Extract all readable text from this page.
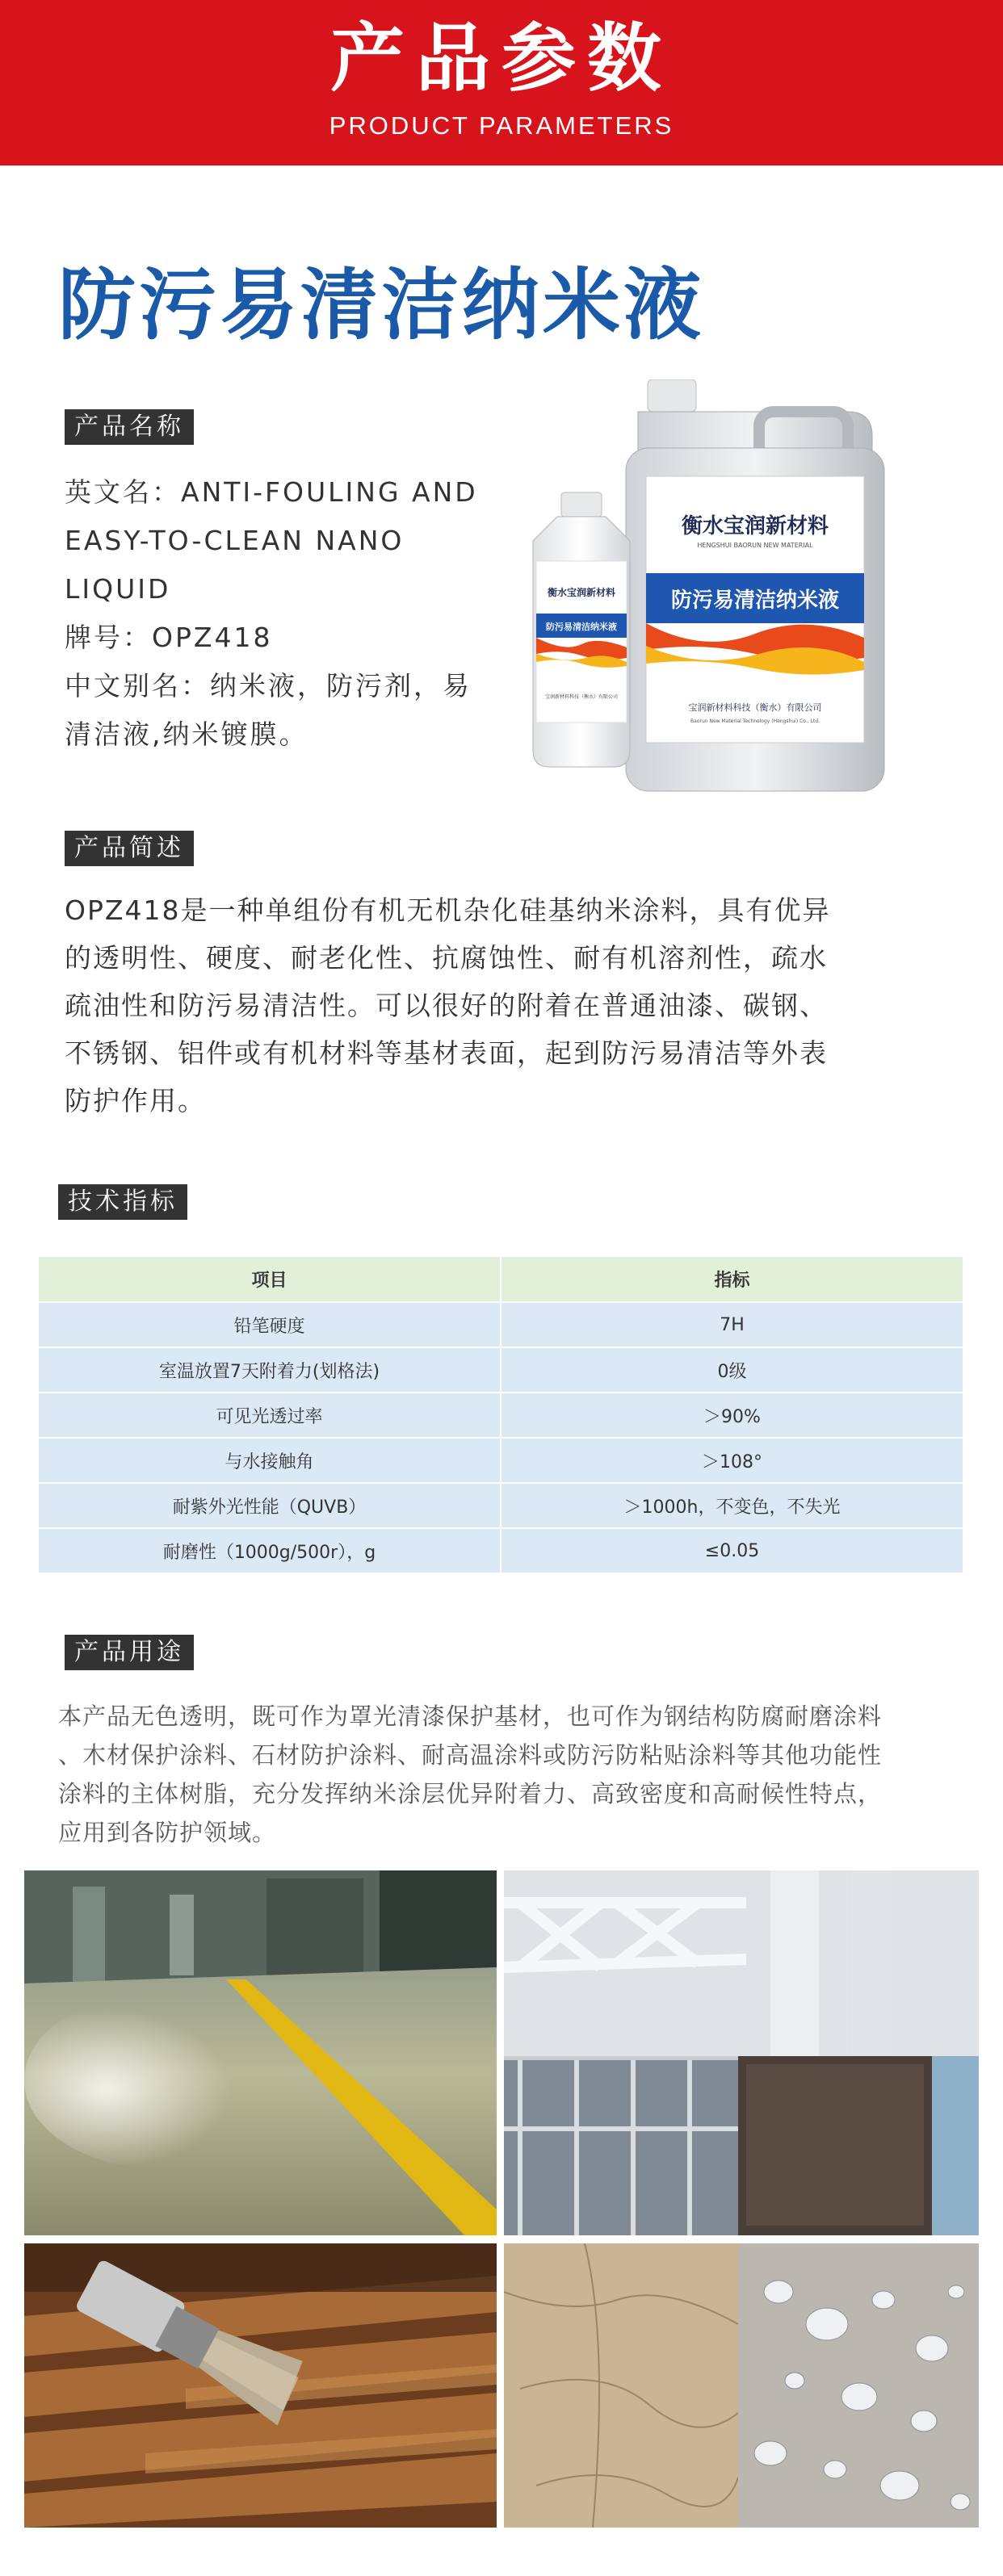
产品参数
PRODUCT PARAMETERS
防污易清洁纳米液
产品名称
英文名：ANTI-FOULING AND
EASY-TO-CLEAN NANO
LIQUID
牌号：OPZ418
中文别名：纳米液，防污剂，易
清洁液,纳米镀膜。
衡水宝润新材料
HENGSHUI BAORUN NEW MATERIAL
防污易清洁纳米液
宝润新材料科技（衡水）有限公司
Baorun New Material Technology (Hengshui) Co., Ltd.
衡水宝润新材料
防污易清洁纳米液
宝润新材料科技（衡水）有限公司
产品简述
OPZ418是一种单组份有机无机杂化硅基纳米涂料，具有优异
的透明性、硬度、耐老化性、抗腐蚀性、耐有机溶剂性，疏水
疏油性和防污易清洁性。可以很好的附着在普通油漆、碳钢、
不锈钢、铝件或有机材料等基材表面，起到防污易清洁等外表
防护作用。
技术指标
项目	指标
铅笔硬度	7H
室温放置7天附着力(划格法)	0级
可见光透过率	＞90%
与水接触角	＞108°
耐紫外光性能（QUVB）	＞1000h，不变色，不失光
耐磨性（1000g/500r），g	≤0.05
产品用途
本产品无色透明，既可作为罩光清漆保护基材，也可作为钢结构防腐耐磨涂料
、木材保护涂料、石材防护涂料、耐高温涂料或防污防粘贴涂料等其他功能性
涂料的主体树脂，充分发挥纳米涂层优异附着力、高致密度和高耐候性特点，
应用到各防护领域。
